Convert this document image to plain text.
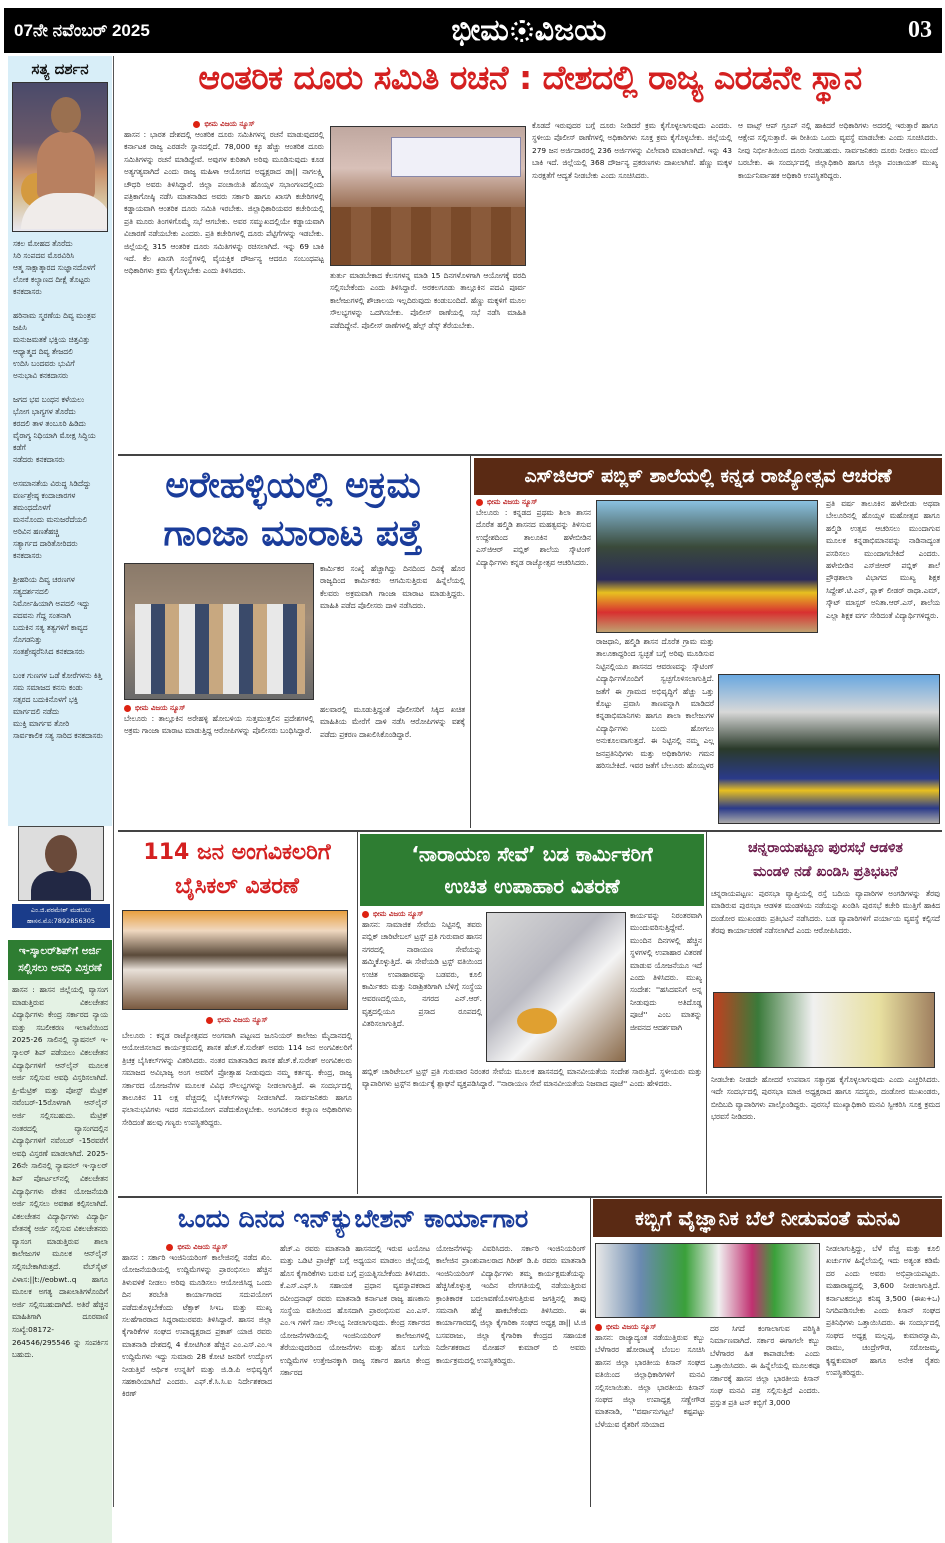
07ನೇ ನವೆಂಬರ್ 2025	ಭೀಮ ವಿಜಯ	03
ಸತ್ಯ ದರ್ಶನ
ಸಕಲ ಮೋಹದ ತೊರೆದು
ಸಿರಿ ಸಂಪದವ ಮೊರವಿರಿಸಿ
ಆತ್ಮ ಸಾಕ್ಷಾತ್ಕಾರದ ಸುಜ್ಞಾನದೊಳಗೆ ಲೋಕ ಕಲ್ಯಾಣದ ದೀಕ್ಷೆ ತೊಟ್ಟರು ಕನಕದಾಸರು

ಹರಿನಾಮ ಸ್ಮರಣೆಯ ದಿವ್ಯ ಮಂತ್ರವ ಜಪಿಸಿ
ಮನುಜಮತಕೆ ಭಕ್ತಿಯ ಚಿತ್ತವಿತ್ತು
ಆಧ್ಯಾತ್ಮದ ದಿವ್ಯ ತೇಜದಲಿ
ಉದಿಸಿ ಬಂದವರು ಭುವಿಗೆ
ಅನುಭಾವಿ ಕನಕದಾಸರು

ಜಗದ ಭವ ಬಂಧನ ಕಳೆಯಲು
ಭೋಗ ಭಾಗ್ಯಗಳ ತೊರೆದು
ಕರದಲಿ ತಾಳ ತಂಬೂರಿ ಹಿಡಿದು
ವೈರಾಗ್ಯ ನಿಧಿಯಾಗಿ ಮೋಕ್ಷ ಸಿದ್ಧಿಯ ಕಡೆಗೆ
ನಡೆದರು ಕನಕದಾಸರು

ಅಸಮಾನತೆಯ ವಿರುದ್ಧ ಸಿಡಿದೆದ್ದು ವರ್ಣಶ್ರೇಷ್ಠ ಕಂದಾಚಾರಗಳ ತಮಂಧದೊಳಗೆ
ಮನನೊಂದು ಮನುಜರೆದೆಯಲಿ ಅರಿವಿನ ಹಣತೆಹಚ್ಚಿ
ಸತ್ಯಾರ್ಗದ ದಾರಿತೋರಿದರು ಕನಕದಾಸರು

ಶ್ರೀಹರಿಯ ದಿವ್ಯ ಚರಣಗಳ ಸತ್ಯದರ್ಶನದಲಿ
ನಿರ್ಮೋಹಿಯಾಗಿ ಅಪದಲಿ ಇದ್ದು ಪದವನು ಗೆದ್ದ ಸಂತನಾಗಿ
ಬದುಕಿನ ಸತ್ಯ ತತ್ವಗಳಿಗೆ ಕಾವ್ಯದ ಸೊಗಡನಿತ್ತು
ಸಂತಶ್ರೇಷ್ಠರೆನಿಸಿದ ಕನಕದಾಸರು

ಬಂಕ ಗುಣಗಳ ಒಡೆ ಕೋರೆಗಳನು ಕಿತ್ತಿ ಸಮ ಸಮಾಜದ ಕನಸು ಕಂಡು
ಸತ್ಸರದ ಬದುಕಿನೊಳಗೆ ಭಕ್ತಿ ಮಾರ್ಗದಲಿ ನಡೆದು
ಮುಕ್ತಿ ಮಾರ್ಗವ ತೋರಿ
ಸಾರ್ವಕಾಲಿಕ ಸತ್ಯ ಸಾರಿದ ಕನಕದಾಸರು
ಎಂ.ಜಿ.ಪರಮೇಶ್ ಮಡಬಲು
ಹಾಸನ.ಮೊ:7892856305
ಇ-ಸ್ಕಾಲರ್‌ಶಿಪ್‌ಗೆ ಅರ್ಜಿ ಸಲ್ಲಿಸಲು ಅವಧಿ ವಿಸ್ತರಣೆ
ಹಾಸನ : ಹಾಸನ ಜಿಲ್ಲೆಯಲ್ಲಿ ವ್ಯಾಸಂಗ ಮಾಡುತ್ತಿರುವ ವಿಕಲಚೇತನ ವಿದ್ಯಾರ್ಥಿಗಳು ಕೇಂದ್ರ ಸರ್ಕಾರದ ನ್ಯಾಯ ಮತ್ತು ಸಬಲೀಕರಣ ಇಲಾಖೆಯಿಂದ 2025-26 ಸಾಲಿನಲ್ಲಿ ನ್ಯಾಷನಲ್ ಇ-ಸ್ಕಾಲರ್ ಶಿಪ್ ಪಡೆಯಲು ವಿಕಲಚೇತನ ವಿದ್ಯಾರ್ಥಿಗಳಿಗೆ ಆನ್‌ಲೈನ್ ಮೂಲಕ ಅರ್ಜಿ ಸಲ್ಲಿಸುವ ಅವಧಿ ವಿಸ್ತರಿಸಲಾಗಿದೆ. ಪ್ರಿ-ಮೆಟ್ರಿಕ್ ಮತ್ತು ಪೋಸ್ಟ್ ಮೆಟ್ರಿಕ್ ನವೆಂಬರ್-15ರೊಳಗಾಗಿ ಆನ್‌ಲೈನ್ ಅರ್ಜಿ ಸಲ್ಲಿಸಬಹುದು. ಮೆಟ್ರಿಕ್ ನಂತರದಲ್ಲಿ ವ್ಯಾಸಂಗದಲ್ಲಿನ ವಿದ್ಯಾರ್ಥಿಗಳಿಗೆ ನವೆಂಬರ್ -15ರವರೆಗೆ ಅವಧಿ ವಿಸ್ತರಣೆ ಮಾಡಲಾಗಿದೆ. 2025-26ನೇ ಸಾಲಿನಲ್ಲಿ ನ್ಯಾಷನಲ್ ಇ-ಸ್ಕಾಲರ್ ಶಿಪ್ ಪೋರ್ಟಲ್‌ನಲ್ಲಿ ವಿಕಲಚೇತನ ವಿದ್ಯಾರ್ಥಿಗಳು ವೇತನ ಯೋಜನೆಯಡಿ ಅರ್ಜಿ ಸಲ್ಲಿಸಲು ಅವಕಾಶ ಕಲ್ಪಿಸಲಾಗಿದೆ. ವಿಕಲಚೇತನ ವಿದ್ಯಾರ್ಥಿಗಳು ವಿದ್ಯಾರ್ಥಿ ವೇತನಕ್ಕೆ ಅರ್ಜಿ ಸಲ್ಲಿಸುವ ವಿಕಲಚೇತನರು ವ್ಯಾಸಂಗ ಮಾಡುತ್ತಿರುವ ಶಾಲಾ ಕಾಲೇಜುಗಳ ಮೂಲಕ ಆನ್‌ಲೈನ್ ಸಲ್ಲಿಸಬೇಕಾಗಿರುತ್ತದೆ. ವೆಬ್‌ಸೈಟ್ ವಿಳಾಸ:||t://eobwt..q ಹಾಗೂ ಮೂಲಕ ಅಗತ್ಯ ದಾಖಲಾತಿಗಳೊಂದಿಗೆ ಅರ್ಜಿ ಸಲ್ಲಿಸಬಹುದಾಗಿದೆ. ಅತಿರೆ ಹೆಚ್ಚಿನ ಮಾಹಿತಿಗಾಗಿ ದೂರವಾಣಿ ಸಂಖ್ಯೆ:08172-264546/295546 ನ್ನು ಸಂಪರ್ಕಿಸ ಬಹುದು.
ಆಂತರಿಕ ದೂರು ಸಮಿತಿ ರಚನೆ : ದೇಶದಲ್ಲಿ ರಾಜ್ಯ ಎರಡನೇ ಸ್ಥಾನ
ಭೀಮ ವಿಜಯ ನ್ಯೂಸ್
ಹಾಸನ : ಭಾರತ ದೇಶದಲ್ಲಿ ಆಂತರಿಕ ದೂರು ಸಮಿತಿಗಳನ್ನ ರಚನೆ ಮಾಡುವುದರಲ್ಲಿ ಕರ್ನಾಟಕ ರಾಜ್ಯ ಎರಡನೇ ಸ್ಥಾನದಲ್ಲಿದೆ. 78,000 ಕ್ಕೂ ಹೆಚ್ಚು ಆಂತರಿಕ ದೂರು ಸಮಿತಿಗಳನ್ನು ರಚನೆ ಮಾಡಿದ್ದೇವೆ. ಅವುಗಳ ಕುರಿತಾಗಿ ಅರಿವು ಮೂಡಿಸುವುದು ಕೂಡ ಅತ್ಯಗತ್ಯವಾಗಿದೆ ಎಂದು ರಾಜ್ಯ ಮಹಿಳಾ ಆಯೋಗದ ಅಧ್ಯಕ್ಷರಾದ ಡಾ|| ನಾಗಲಕ್ಷ್ಮಿ ಚೌಧರಿ ಅವರು ತಿಳಿಸಿದ್ದಾರೆ. ಜಿಲ್ಲಾ ಪಂಚಾಯಿತಿ ಹೊಯ್ಸಳ ಸಭಾಂಗಣದಲ್ಲಿಂದು ಪತ್ರಿಕಾಗೋಷ್ಠಿ ನಡೆಸಿ ಮಾತನಾಡಿದ ಅವರು ಸರ್ಕಾರಿ ಹಾಗೂ ಖಾಸಗಿ ಕಚೇರಿಗಳಲ್ಲಿ ಕಡ್ಡಾಯವಾಗಿ ಆಂತರಿಕ ದೂರು ಸಮಿತಿ ಇರಬೇಕು. ಜಿಲ್ಲಾಧಿಕಾರಿಯವರ ಕಚೇರಿಯಲ್ಲಿ ಪ್ರತಿ ಮೂರು ತಿಂಗಳಿಗೊಮ್ಮೆ ಸಭೆ ಆಗಬೇಕು. ಅವರ ಸಮ್ಮುಖದಲ್ಲಿಯೇ ಕಡ್ಡಾಯವಾಗಿ ವಿಚಾರಣೆ ನಡೆಯಬೇಕು ಎಂದರು. ಪ್ರತಿ ಕಚೇರಿಗಳಲ್ಲಿ ದೂರು ಪೆಟ್ಟಿಗೆಗಳನ್ನು ಇಡಬೇಕು. ಜಿಲ್ಲೆಯಲ್ಲಿ 315 ಆಂತರಿಕ ದೂರು ಸಮಿತಿಗಳನ್ನು ರಚಿಸಲಾಗಿದೆ. ಇನ್ನು 69 ಬಾಕಿ ಇದೆ. ಕೆಲ ಖಾಸಗಿ ಸಂಸ್ಥೆಗಳಲ್ಲಿ ವೈಯಕ್ತಿಕ ದೌರ್ಜನ್ಯ ಆದರೂ ಸಂಬಂಧಪಟ್ಟ ಅಧಿಕಾರಿಗಳು ಕ್ರಮ ಕೈಗೊಳ್ಳಬೇಕು ಎಂದು ತಿಳಿಸಿದರು.
ತುರ್ತು ಮಾಡಬೇಕಾದ ಕೆಲಸಗಳನ್ನ ಮಾಡಿ 15 ದಿನಗಳೊಳಗಾಗಿ ಆಯೋಗಕ್ಕೆ ವರದಿ ಸಲ್ಲಿಸಬೇಕೆಂದು ಎಂದು ತಿಳಿಸಿದ್ದಾರೆ. ಅರಕಲಗೂಡು ತಾಲ್ಲೂಕಿನ ಪದವಿ ಪೂರ್ವ ಕಾಲೇಜುಗಳಲ್ಲಿ ಶೌಚಾಲಯ ಇಲ್ಲದಿರುವುದು ಕಂಡುಬಂದಿದೆ. ಹೆಣ್ಣು ಮಕ್ಕಳಿಗೆ ಮೂಲ ಸೌಲಭ್ಯಗಳನ್ನು ಒದಗಿಸಬೇಕು. ಪೊಲೀಸ್ ಠಾಣೆಯಲ್ಲಿ ಸಭೆ ನಡೆಸಿ ಮಾಹಿತಿ ಪಡೆದಿದ್ದೇನೆ. ಪೊಲೀಸ್ ಠಾಣೆಗಳಲ್ಲಿ ಹೆಲ್ಪ್ ಡೆಸ್ಕ್ ತೆರೆಯಬೇಕು.
ಕೊಡದೆ ಇರುವುದರ ಬಗ್ಗೆ ದೂರು ನೀಡಿದರೆ ಕ್ರಮ ಕೈಗೊಳ್ಳಲಾಗುವುದು ಎಂದರು. ಸ್ಥಳೀಯ ಪೊಲೀಸ್ ಠಾಣೆಗಳಲ್ಲಿ ಅಧಿಕಾರಿಗಳು ಸೂಕ್ತ ಕ್ರಮ ಕೈಗೊಳ್ಳಬೇಕು. ಜಿಲ್ಲೆಯಲ್ಲಿ 279 ಜನ ಅರ್ಜಿದಾರರಲ್ಲಿ 236 ಅರ್ಜಿಗಳನ್ನು ವಿಲೇವಾರಿ ಮಾಡಲಾಗಿದೆ. ಇನ್ನು 43 ಬಾಕಿ ಇದೆ. ಜಿಲ್ಲೆಯಲ್ಲಿ 368 ದೌರ್ಜನ್ಯ ಪ್ರಕರಣಗಳು ದಾಖಲಾಗಿವೆ. ಹೆಣ್ಣು ಮಕ್ಕಳ ಸುರಕ್ಷತೆಗೆ ಆದ್ಯತೆ ನೀಡಬೇಕು ಎಂದು ಸೂಚಿಸಿದರು.
ಆ ವಾಟ್ಸ್ ಆಪ್ ಗ್ರೂಪ್ ನಲ್ಲಿ ಹಾಕಿದರೆ ಅಧಿಕಾರಿಗಳು ಅದರಲ್ಲಿ ಇರುತ್ತಾರೆ ಹಾಗೂ ಆಕ್ಷೇಪ ಸಲ್ಲಿಸುತ್ತಾರೆ. ಈ ರೀತಿಯ ಒಂದು ವ್ಯವಸ್ಥೆ ಮಾಡಬೇಕು ಎಂದು ಸೂಚಿಸಿದರು. ನೀವು ನಿರ್ಭೀತಿಯಿಂದ ದೂರು ನೀಡಬಹುದು. ಸಾರ್ವಜನಿಕರು ದೂರು ನೀಡಲು ಮುಂದೆ ಬರಬೇಕು. ಈ ಸಂದರ್ಭದಲ್ಲಿ ಜಿಲ್ಲಾಧಿಕಾರಿ ಹಾಗೂ ಜಿಲ್ಲಾ ಪಂಚಾಯತ್ ಮುಖ್ಯ ಕಾರ್ಯನಿರ್ವಾಹಕ ಅಧಿಕಾರಿ ಉಪಸ್ಥಿತರಿದ್ದರು.
ಅರೇಹಳ್ಳಿಯಲ್ಲಿ ಅಕ್ರಮ
ಗಾಂಜಾ ಮಾರಾಟ ಪತ್ತೆ
ಭೀಮ ವಿಜಯ ನ್ಯೂಸ್
ಬೇಲೂರು : ತಾಲ್ಲೂಕಿನ ಅರೇಹಳ್ಳಿ ಹೋಬಳಿಯ ಸುತ್ತಮುತ್ತಲಿನ ಪ್ರದೇಶಗಳಲ್ಲಿ ಅಕ್ರಮ ಗಾಂಜಾ ಮಾರಾಟ ಮಾಡುತ್ತಿದ್ದ ಆರೋಪಿಗಳನ್ನು ಪೊಲೀಸರು ಬಂಧಿಸಿದ್ದಾರೆ.
ಕಾರ್ಮಿಕರ ಸಂಖ್ಯೆ ಹೆಚ್ಚಾಗಿದ್ದು ದಿನದಿಂದ ದಿನಕ್ಕೆ ಹೊರ ರಾಜ್ಯದಿಂದ ಕಾರ್ಮಿಕರು ಆಗಮಿಸುತ್ತಿರುವ ಹಿನ್ನೆಲೆಯಲ್ಲಿ ಕೆಲವರು ಅಕ್ರಮವಾಗಿ ಗಾಂಜಾ ಮಾರಾಟ ಮಾಡುತ್ತಿದ್ದರು. ಮಾಹಿತಿ ಪಡೆದ ಪೊಲೀಸರು ದಾಳಿ ನಡೆಸಿದರು.
ಹಲವಾರಲ್ಲಿ ಮೂಡುತ್ತಿದ್ದಂತೆ ಪೊಲೀಸರಿಗೆ ಸಿಕ್ಕಿದ ಖಚಿತ ಮಾಹಿತಿಯ ಮೇರೆಗೆ ದಾಳಿ ನಡೆಸಿ ಆರೋಪಿಗಳನ್ನು ವಶಕ್ಕೆ ಪಡೆದು ಪ್ರಕರಣ ದಾಖಲಿಸಿಕೊಂಡಿದ್ದಾರೆ.
ಎಸ್‌ಜಿಆರ್ ಪಬ್ಲಿಕ್ ಶಾಲೆಯಲ್ಲಿ ಕನ್ನಡ ರಾಜ್ಯೋತ್ಸವ ಆಚರಣೆ
ಭೀಮ ವಿಜಯ ನ್ಯೂಸ್
ಬೇಲೂರು : ಕನ್ನಡದ ಪ್ರಥಮ ಶಿಲಾ ಶಾಸನ ದೊರೆತ ಹಲ್ಮಿಡಿ ಶಾಸನದ ಮಹತ್ವವನ್ನು ತಿಳಿಸುವ ಉದ್ದೇಶದಿಂದ ತಾಲೂಕಿನ ಹಳೇಬೀಡಿನ ಎಸ್‌ಜಿಆರ್ ಪಬ್ಲಿಕ್ ಶಾಲೆಯ ಸ್ಕೌಟಿಂಗ್ ವಿದ್ಯಾರ್ಥಿಗಳು ಕನ್ನಡ ರಾಜ್ಯೋತ್ಸವ ಆಚರಿಸಿದರು.
ರಾಜಧಾನಿ, ಹಲ್ಮಿಡಿ ಶಾಸನ ದೊರೆತ ಗ್ರಾಮ ಮತ್ತು ತಾಲೂಕಾದ್ದರಿಂದ ಸ್ವಚ್ಛತೆ ಬಗ್ಗೆ ಅರಿವು ಮೂಡಿಸುವ ನಿಟ್ಟಿನಲ್ಲಿಯೂ ಶಾಸನದ ಆವರಣವನ್ನು ಸ್ಕೌಟಿಂಗ್ ವಿದ್ಯಾರ್ಥಿಗಳೊಂದಿಗೆ ಸ್ವಚ್ಛಗೊಳಿಸಲಾಗುತ್ತಿದೆ. ಜತೆಗೆ ಈ ಗ್ರಾಮದ ಅಭಿವೃದ್ಧಿಗೆ ಹೆಚ್ಚು ಒತ್ತು ಕೊಟ್ಟು ಪ್ರವಾಸಿ ತಾಣವನ್ನಾಗಿ ಮಾಡಿದರೆ ಕನ್ನಡಾಭಿಮಾನಿಗಳು ಹಾಗೂ ಶಾಲಾ ಕಾಲೇಜುಗಳ ವಿದ್ಯಾರ್ಥಿಗಳು ಬಂದು ಹೋಗಲು ಅನುಕೂಲವಾಗುತ್ತದೆ. ಈ ನಿಟ್ಟಿನಲ್ಲಿ ನಮ್ಮ ಎಲ್ಲ ಜನಪ್ರತಿನಿಧಿಗಳು ಮತ್ತು ಅಧಿಕಾರಿಗಳು ಗಮನ ಹರಿಸಬೇಕಿದೆ. ಇವರ ಜತೆಗೆ ಬೇಲೂರು ಹೊಯ್ಸಳರ
ಪ್ರತಿ ವರ್ಷ ತಾಲೂಕಿನ ಹಳೇಬೀಡು ಅಥವಾ ಬೇಲೂರಿನಲ್ಲಿ ಹೊಯ್ಸಳ ಮಹೋತ್ಸವ ಹಾಗೂ ಹಲ್ಮಿಡಿ ಉತ್ಸವ ಆಚರಿಸಲು ಮುಂದಾಗುವ ಮೂಲಕ ಕನ್ನಡಾಭಿಮಾನವನ್ನು ನಾಡಿನಾದ್ಯಂತ ಪಸರಿಸಲು ಮುಂದಾಗಬೇಕಿದೆ ಎಂದರು. ಹಳೇಬೀಡಿನ ಎಸ್‌ಜಿಆರ್ ಪಬ್ಲಿಕ್ ಶಾಲೆ ಪ್ರೌಢಶಾಲಾ ವಿಭಾಗದ ಮುಖ್ಯ ಶಿಕ್ಷಕ ಸಿದ್ದೇಶ್.ಟಿ.ಎನ್, ಫ್ಲಾಕ್ ಲೀಡರ್ ರಾಧಾ.ಎಮ್, ಸ್ಕೌಟ್ ಮಾಸ್ಟರ್ ಅನಿತಾ.ಆರ್.ಎಸ್, ಶಾಲೆಯ ಎಲ್ಲಾ ಶಿಕ್ಷಕ ವರ್ಗ ಸೇರಿದಂತೆ ವಿದ್ಯಾರ್ಥಿಗಳಿದ್ದರು.
114 ಜನ ಅಂಗವಿಕಲರಿಗೆ
ಬೈಸಿಕಲ್ ವಿತರಣೆ
ಭೀಮ ವಿಜಯ ನ್ಯೂಸ್
ಬೇಲೂರು : ಕನ್ನಡ ರಾಜ್ಯೋತ್ಸವದ ಅಂಗವಾಗಿ ಪಟ್ಟಣದ ಜೂನಿಯರ್ ಕಾಲೇಜು ಮೈದಾನದಲ್ಲಿ ಆಯೋಜಿಸಲಾದ ಕಾರ್ಯಕ್ರಮದಲ್ಲಿ ಶಾಸಕ ಹೆಚ್.ಕೆ.ಸುರೇಶ್ ಅವರು 114 ಜನ ಅಂಗವಿಕಲರಿಗೆ ತ್ರಿಚಕ್ರ ಬೈಸಿಕಲ್‌ಗಳನ್ನು ವಿತರಿಸಿದರು. ನಂತರ ಮಾತನಾಡಿದ ಶಾಸಕ ಹೆಚ್.ಕೆ.ಸುರೇಶ್ ಅಂಗವಿಕಲರು ಸಮಾಜದ ಅವಿಭಾಜ್ಯ ಅಂಗ ಅವರಿಗೆ ಪ್ರೋತ್ಸಾಹ ನೀಡುವುದು ನಮ್ಮ ಕರ್ತವ್ಯ. ಕೇಂದ್ರ, ರಾಜ್ಯ ಸರ್ಕಾರದ ಯೋಜನೆಗಳ ಮೂಲಕ ವಿವಿಧ ಸೌಲಭ್ಯಗಳನ್ನು ನೀಡಲಾಗುತ್ತಿದೆ. ಈ ಸಂದರ್ಭದಲ್ಲಿ ತಾಲೂಕಿನ 11 ಲಕ್ಷ ವೆಚ್ಚದಲ್ಲಿ ಬೈಸಿಕಲ್‌ಗಳನ್ನು ನೀಡಲಾಗಿದೆ. ಸಾರ್ವಜನಿಕರು ಹಾಗೂ ಫಲಾನುಭವಿಗಳು ಇದರ ಸದುಪಯೋಗ ಪಡೆದುಕೊಳ್ಳಬೇಕು. ಅಂಗವಿಕಲರ ಕಲ್ಯಾಣ ಅಧಿಕಾರಿಗಳು ಸೇರಿದಂತೆ ಹಲವು ಗಣ್ಯರು ಉಪಸ್ಥಿತರಿದ್ದರು.
‘ನಾರಾಯಣ ಸೇವೆ’ ಬಡ ಕಾರ್ಮಿಕರಿಗೆ
ಉಚಿತ ಉಪಾಹಾರ ವಿತರಣೆ
ಭೀಮ ವಿಜಯ ನ್ಯೂಸ್
ಹಾಸನ: ಸಾಮಾಜಿಕ ಸೇವೆಯ ನಿಟ್ಟಿನಲ್ಲಿ ತವರು ಪಬ್ಲಿಕ್ ಚಾರಿಟೇಬಲ್ ಟ್ರಸ್ಟ್ ಪ್ರತಿ ಗುರುವಾರ ಹಾಸನ ನಗರದಲ್ಲಿ ನಾರಾಯಣ ಸೇವೆಯನ್ನು ಹಮ್ಮಿಕೊಳ್ಳುತ್ತಿದೆ. ಈ ಸೇವೆಯಡಿ ಟ್ರಸ್ಟ್ ವತಿಯಿಂದ ಉಚಿತ ಉಪಾಹಾರವನ್ನು ಬಡವರು, ಕೂಲಿ ಕಾರ್ಮಿಕರು ಮತ್ತು ನಿರಾಶ್ರಿತರಿಗಾಗಿ ಬೆಳಿಗ್ಗೆ ಸಂಸ್ಥೆಯ ಆವರಣದಲ್ಲಿಯೂ, ನಗರದ ಎನ್.ಆರ್. ವೃತ್ತದಲ್ಲಿಯೂ ಪ್ರಸಾದ ರೂಪದಲ್ಲಿ ವಿತರಿಸಲಾಗುತ್ತಿದೆ.
ಕಾರ್ಯವನ್ನು ನಿರಂತರವಾಗಿ ಮುಂದುವರಿಸುತ್ತಿದ್ದೇವೆ. ಮುಂದಿನ ದಿನಗಳಲ್ಲಿ ಹೆಚ್ಚಿನ ಸ್ಥಳಗಳಲ್ಲಿ ಉಪಾಹಾರ ವಿತರಣೆ ಮಾಡುವ ಯೋಜನೆಯೂ ಇದೆ ಎಂದು ತಿಳಿಸಿದರು. ಮುಖ್ಯ ಸಂದೇಶ: ''ಹಸಿದವನಿಗೆ ಅನ್ನ ನೀಡುವುದು ಅತಿದೊಡ್ಡ ಪೂಜೆ'' ಎಂಬ ಮಾತನ್ನು ಜೀವನದ ಆದರ್ಶವಾಗಿ
ಹಬ್ಲಿಕ್ ಚಾರಿಟೇಬಲ್ ಟ್ರಸ್ಟ್ ಪ್ರತಿ ಗುರುವಾರ ನಿರಂತರ ಸೇವೆಯ ಮೂಲಕ ಹಾಸನದಲ್ಲಿ ಮಾನವೀಯತೆಯ ಸಂದೇಶ ಸಾರುತ್ತಿದೆ. ಸ್ಥಳೀಯರು ಮತ್ತು ವ್ಯಾಪಾರಿಗಳು ಟ್ರಸ್ಟ್‌ನ ಕಾರ್ಯಕ್ಕೆ ಶ್ಲಾಘನೆ ವ್ಯಕ್ತಪಡಿಸಿದ್ದಾರೆ. ''ನಾರಾಯಣ ಸೇವೆ ಮಾನವೀಯತೆಯ ನಿಜವಾದ ಪೂಜೆ'' ಎಂದು ಹೇಳಿದರು.
ಚನ್ನರಾಯಪಟ್ಟಣ ಪುರಸಭೆ ಆಡಳಿತ
ಮಂಡಳಿ ನಡೆ ಖಂಡಿಸಿ ಪ್ರತಿಭಟನೆ
ಚನ್ನರಾಯಪಟ್ಟಣ: ಪುರಸಭಾ ವ್ಯಾಪ್ತಿಯಲ್ಲಿ ರಸ್ತೆ ಬದಿಯ ವ್ಯಾಪಾರಿಗಳ ಅಂಗಡಿಗಳನ್ನು ತೆರವು ಮಾಡಿರುವ ಪುರಸಭಾ ಆಡಳಿತ ಮಂಡಳಿಯ ನಡೆಯನ್ನು ಖಂಡಿಸಿ ಪುರಸಭೆ ಕಚೇರಿ ಮುತ್ತಿಗೆ ಹಾಕಿದ ದಂಡೋರ ಮುಖಂಡರು ಪ್ರತಿಭಟನೆ ನಡೆಸಿದರು. ಬಡ ವ್ಯಾಪಾರಿಗಳಿಗೆ ಪರ್ಯಾಯ ವ್ಯವಸ್ಥೆ ಕಲ್ಪಿಸದೆ ತೆರವು ಕಾರ್ಯಾಚರಣೆ ನಡೆಸಲಾಗಿದೆ ಎಂದು ಆರೋಪಿಸಿದರು.
ನೀಡಬೇಕು ನೀಡದೇ ಹೋದರೆ ಉಪವಾಸ ಸತ್ಯಾಗ್ರಹ ಕೈಗೊಳ್ಳಲಾಗುವುದು ಎಂದು ಎಚ್ಚರಿಸಿದರು. ಇದೇ ಸಂದರ್ಭದಲ್ಲಿ ಪುರಸಭಾ ಮಾಜಿ ಅಧ್ಯಕ್ಷರಾದ ಹಾಗೂ ಸದಸ್ಯರು, ದಂಡೋರ ಮುಖಂಡರು, ಬೀದಿಬದಿ ವ್ಯಾಪಾರಿಗಳು ಪಾಲ್ಗೊಂಡಿದ್ದರು. ಪುರಸಭೆ ಮುಖ್ಯಾಧಿಕಾರಿ ಮನವಿ ಸ್ವೀಕರಿಸಿ ಸೂಕ್ತ ಕ್ರಮದ ಭರವಸೆ ನೀಡಿದರು.
ಒಂದು ದಿನದ ಇನ್‌ಕ್ಯುಬೇಶನ್ ಕಾರ್ಯಾಗಾರ
ಭೀಮ ವಿಜಯ ನ್ಯೂಸ್
ಹಾಸನ : ಸರ್ಕಾರಿ ಇಂಜಿನಿಯರಿಂಗ್ ಕಾಲೇಜಿನಲ್ಲಿ ನಡೆದ ಖಿಂ. ಯೋಜನೆಯಡಿಯಲ್ಲಿ ಉದ್ದಿಮೆಗಳನ್ನು ಪ್ರಾರಂಭಿಸಲು ಹೆಚ್ಚಿನ ತಿಳುವಳಿಕೆ ನೀಡಲು ಅರಿವು ಮೂಡಿಸಲು ಆಯೋಜಿಸಿದ್ದ ಒಂದು ದಿನ ತರಬೇತಿ ಕಾರ್ಯಾಗಾರದ ಸದುಪಯೋಗ ಪಡೆದುಕೊಳ್ಳಬೇಕೆಂದು ಟೆಕ್ಸಾಕ್ ಸಿಇಒ ಮತ್ತು ಮುಖ್ಯ ಸಲಹೆಗಾರರಾದ ಸಿದ್ದರಾಮುರವರು ತಿಳಿಸಿದ್ದಾರೆ. ಹಾಸನ ಜಿಲ್ಲಾ ಕೈಗಾರಿಕೆಗಳ ಸಂಘದ ಉಪಾಧ್ಯಕ್ಷರಾದ ಪ್ರಕಾಶ್ ಯಾಜಿ ರವರು ಮಾತನಾಡಿ ದೇಶದಲ್ಲಿ 4 ಕೋಟಿಗಿಂತ ಹೆಚ್ಚಿನ ಎಂ.ಎಸ್.ಎಂ.ಇ ಉದ್ದಿಮೆಗಳು ಇದ್ದು ಸುಮಾರು 28 ಕೋಟಿ ಜನರಿಗೆ ಉದ್ಯೋಗ ನೀಡುತ್ತಿವೆ ಆರ್ಥಿಕ ಉನ್ನತಿಗೆ ಮತ್ತು ಜಿ.ಡಿ.ಪಿ ಅಭಿವೃದ್ಧಿಗೆ ಸಹಕಾರಿಯಾಗಿದೆ ಎಂದರು. ಎಫ್.ಕೆ.ಸಿ.ಸಿ.ಐ ನಿರ್ದೇಶಕರಾದ ಕಿರಣ್
ಹೆಚ್.ಎ ರವರು ಮಾತನಾಡಿ ಹಾಸನದಲ್ಲಿ ಇರುವ ಟಯೋಟ ಮತ್ತು ಒಡಿಟಿ ಪ್ರಾಜೆಕ್ಟ್ ಬಗ್ಗೆ ಅಧ್ಯಯನ ಮಾಡಲು ಜಿಲ್ಲೆಯಲ್ಲಿ ಹೊಸ ಕೈಗಾರಿಕೆಗಳು ಬರುವ ಬಗ್ಗೆ ಪ್ರಯತ್ನಿಸಬೇಕೆಂದು ತಿಳಿಸಿದರು. ಕೆ.ಎಸ್.ಎಫ್.ಸಿ ಸಹಾಯಕ ಪ್ರಧಾನ ವ್ಯವಸ್ಥಾಪಕರಾದ ರವೀಂದ್ರನಾಥ್ ರವರು ಮಾತನಾಡಿ ಕರ್ನಾಟಕ ರಾಜ್ಯ ಹಣಕಾಸು ಸಂಸ್ಥೆಯ ವತಿಯಿಂದ ಹೊಸದಾಗಿ ಪ್ರಾರಂಭಿಸುವ ಎಂ.ಎಸ್. ಎಂ.ಇ ಗಳಿಗೆ ಸಾಲ ಸೌಲಭ್ಯ ನೀಡಲಾಗುವುದು. ಕೇಂದ್ರ ಸರ್ಕಾರದ ಯೋಜನೆಗಳಡಿಯಲ್ಲಿ ಇಂಜಿನಿಯರಿಂಗ್ ಕಾಲೇಜುಗಳಲ್ಲಿ ತೆರೆಯುವುದರಿಂದ ಯೋಜನೆಗಳು ಮತ್ತು ಹೊಸ ಬಗೆಯ ಉದ್ದಿಮೆಗಳ ಉತ್ತೇಜನಕ್ಕಾಗಿ ರಾಜ್ಯ ಸರ್ಕಾರ ಹಾಗೂ ಕೇಂದ್ರ ಸರ್ಕಾರದ
ಯೋಜನೆಗಳನ್ನು ವಿವರಿಸಿದರು. ಸರ್ಕಾರಿ ಇಂಜಿನಿಯರಿಂಗ್ ಕಾಲೇಜಿನ ಪ್ರಾಂಶುಪಾಲರಾದ ಗಿರೀಶ್ ಡಿ.ಪಿ ರವರು ಮಾತನಾಡಿ ಇಂಜಿನಿಯರಿಂಗ್ ವಿದ್ಯಾರ್ಥಿಗಳು ತಮ್ಮ ಕಾರ್ಯಕ್ಷಮತೆಯನ್ನು ಹೆಚ್ಚಿಸಿಕೊಳ್ಳುತ್ತ ಇಂದಿನ ವೇಗಗತಿಯಲ್ಲಿ ನಡೆಯುತ್ತಿರುವ ಕ್ರಾಂತಿಕಾರಕ ಬದಲಾವಣೆಯೊಳಗುತ್ತಿರುವ ಜಗತ್ತಿನಲ್ಲಿ ತಾವು ಸಮನಾಗಿ ಹೆಜ್ಜೆ ಹಾಕಬೇಕೆಂದು ತಿಳಿಸಿದರು. ಈ ಕಾರ್ಯಾಗಾರದಲ್ಲಿ ಜಿಲ್ಲಾ ಕೈಗಾರಿಕಾ ಸಂಘದ ಅಧ್ಯಕ್ಷ ಡಾ|| ಟಿ.ಜಿ ಬಸವರಾಜು, ಜಿಲ್ಲಾ ಕೈಗಾರಿಕಾ ಕೇಂದ್ರದ ಸಹಾಯಕ ನಿರ್ದೇಶಕರಾದ ಮೋಹನ್ ಕುಮಾರ್ ಬಿ ಅವರು ಕಾರ್ಯಕ್ರಮದಲ್ಲಿ ಉಪಸ್ಥಿತರಿದ್ದರು.
ಕಬ್ಬಿಗೆ ವೈಜ್ಞಾನಿಕ ಬೆಲೆ ನೀಡುವಂತೆ ಮನವಿ
ಭೀಮ ವಿಜಯ ನ್ಯೂಸ್
ಹಾಸನ: ರಾಜ್ಯಾದ್ಯಂತ ನಡೆಯುತ್ತಿರುವ ಕಬ್ಬು ಬೆಳೆಗಾರರ ಹೋರಾಟಕ್ಕೆ ಬೆಂಬಲ ಸೂಚಿಸಿ ಹಾಸನ ಜಿಲ್ಲಾ ಭಾರತೀಯ ಕಿಸಾನ್ ಸಂಘದ ವತಿಯಿಂದ ಜಿಲ್ಲಾಧಿಕಾರಿಗಳಿಗೆ ಮನವಿ ಸಲ್ಲಿಸಲಾಯಿತು. ಜಿಲ್ಲಾ ಭಾರತೀಯ ಕಿಸಾನ್ ಸಂಘದ ಜಿಲ್ಲಾ ಉಪಾಧ್ಯಕ್ಷ ಸಣ್ಣೇಗೌಡ ಮಾತನಾಡಿ, ''ವರ್ಷಾನುಗಟ್ಟಲೆ ಕಷ್ಟಪಟ್ಟು ಬೆಳೆಯುವ ರೈತರಿಗೆ ಸರಿಯಾದ
ದರ ಸಿಗದೆ ಕಂಗಾಲಾಗುವ ಪರಿಸ್ಥಿತಿ ನಿರ್ಮಾಣವಾಗಿದೆ. ಸರ್ಕಾರ ಈಗಾಗಲೇ ಕಬ್ಬು ಬೆಳೆಗಾರರ ಹಿತ ಕಾಪಾಡಬೇಕು ಎಂದು ಒತ್ತಾಯಿಸಿದರು. ಈ ಹಿನ್ನೆಲೆಯಲ್ಲಿ ಮೂಲಕವೂ ಸರ್ಕಾರಕ್ಕೆ ಹಾಸನ ಜಿಲ್ಲಾ ಭಾರತೀಯ ಕಿಸಾನ್ ಸಂಘ ಮನವಿ ಪತ್ರ ಸಲ್ಲಿಸುತ್ತಿದೆ ಎಂದರು. ಪ್ರಸ್ತುತ ಪ್ರತಿ ಟನ್ ಕಬ್ಬಿಗೆ 3,000
ನೀಡಲಾಗುತ್ತಿದ್ದು, ಬೆಳೆ ವೆಚ್ಚ ಮತ್ತು ಕೂಲಿ ಖರ್ಚುಗಳ ಹಿನ್ನೆಲೆಯಲ್ಲಿ ಇದು ಅತ್ಯಂತ ಕಡಿಮೆ ದರ ಎಂದು ಅವರು ಅಭಿಪ್ರಾಯಪಟ್ಟರು. ಮಹಾರಾಷ್ಟ್ರದಲ್ಲಿ 3,600 ನೀಡಲಾಗುತ್ತಿದೆ. ಕರ್ನಾಟಕದಲ್ಲೂ ಕನಿಷ್ಠ 3,500 (ಈಖ+ಒ) ನಿಗದಿಪಡಿಸಬೇಕು ಎಂದು ಕಿಸಾನ್ ಸಂಘದ ಪ್ರತಿನಿಧಿಗಳು ಒತ್ತಾಯಿಸಿದರು. ಈ ಸಂದರ್ಭದಲ್ಲಿ ಸಂಘದ ಅಧ್ಯಕ್ಷ ಮಲ್ಲಪ್ಪ, ಕುಮಾರಸ್ವಾಮಿ, ರಾಮು, ಚಂದ್ರೇಗೌಡ, ಸರೋಜಮ್ಮ, ಕೃಷ್ಣಕುಮಾರ್ ಹಾಗೂ ಅನೇಕ ರೈತರು ಉಪಸ್ಥಿತರಿದ್ದರು.
